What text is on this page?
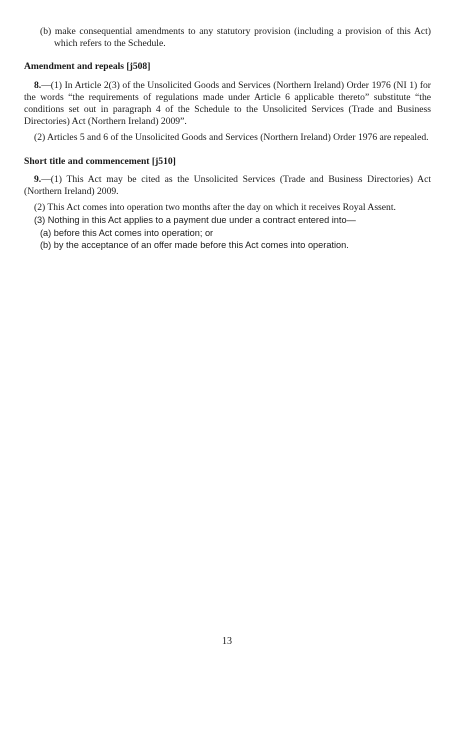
(b) make consequential amendments to any statutory provision (including a provision of this Act) which refers to the Schedule.

Amendment and repeals [j508]

8.—(1) In Article 2(3) of the Unsolicited Goods and Services (Northern Ireland) Order 1976 (NI 1) for the words “the requirements of regulations made under Article 6 applicable thereto” substitute “the conditions set out in paragraph 4 of the Schedule to the Unsolicited Services (Trade and Business Directories) Act (Northern Ireland) 2009”.

(2) Articles 5 and 6 of the Unsolicited Goods and Services (Northern Ireland) Order 1976 are repealed.

Short title and commencement [j510]

9.—(1) This Act may be cited as the Unsolicited Services (Trade and Business Directories) Act (Northern Ireland) 2009.

(2) This Act comes into operation two months after the day on which it receives Royal Assent.

(3) Nothing in this Act applies to a payment due under a contract entered into—

(a) before this Act comes into operation; or

(b) by the acceptance of an offer made before this Act comes into operation.

13
